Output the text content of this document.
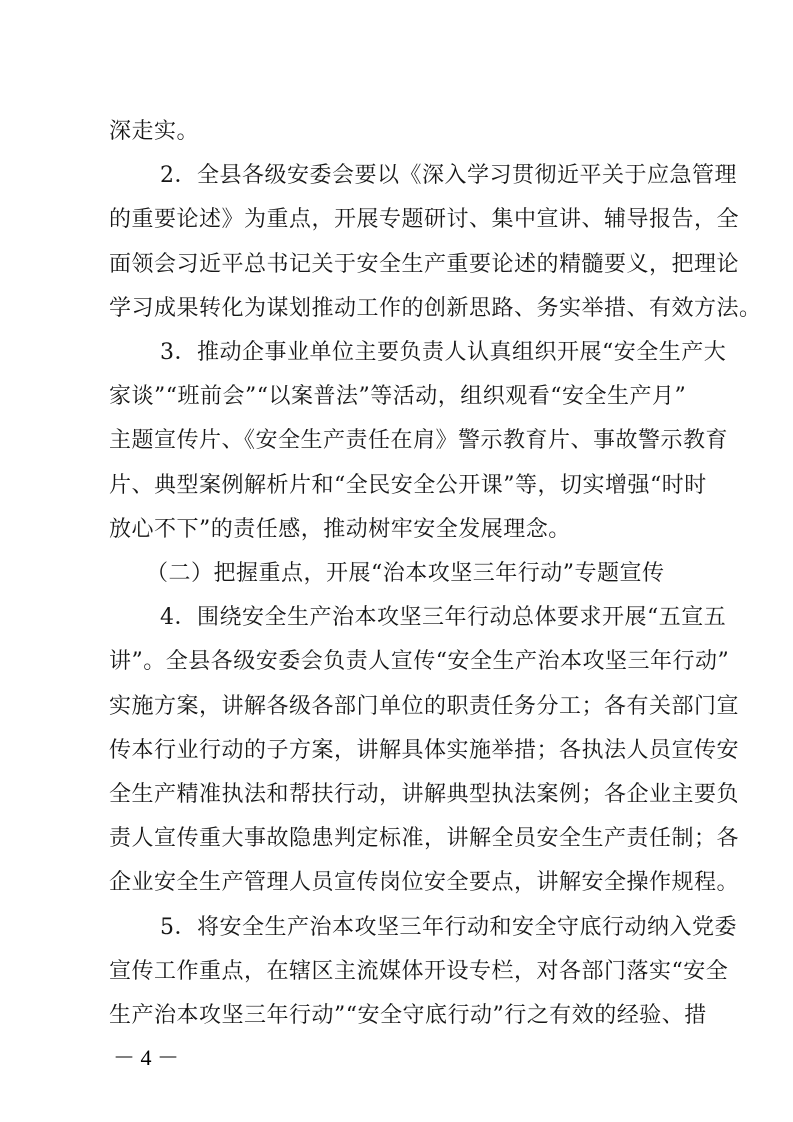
深走实。
2．全县各级安委会要以《深入学习贯彻近平关于应急管理
的重要论述》为重点，开展专题研讨、集中宣讲、辅导报告，全
面领会习近平总书记关于安全生产重要论述的精髓要义，把理论
学习成果转化为谋划推动工作的创新思路、务实举措、有效方法。
3．推动企事业单位主要负责人认真组织开展“安全生产大
家谈”“班前会”“以案普法”等活动，组织观看“安全生产月”
主题宣传片、《安全生产责任在肩》警示教育片、事故警示教育
片、典型案例解析片和“全民安全公开课”等，切实增强“时时
放心不下”的责任感，推动树牢安全发展理念。
（二）把握重点，开展“治本攻坚三年行动”专题宣传
4．围绕安全生产治本攻坚三年行动总体要求开展“五宣五
讲”。全县各级安委会负责人宣传“安全生产治本攻坚三年行动”
实施方案，讲解各级各部门单位的职责任务分工；各有关部门宣
传本行业行动的子方案，讲解具体实施举措；各执法人员宣传安
全生产精准执法和帮扶行动，讲解典型执法案例；各企业主要负
责人宣传重大事故隐患判定标准，讲解全员安全生产责任制；各
企业安全生产管理人员宣传岗位安全要点，讲解安全操作规程。
5．将安全生产治本攻坚三年行动和安全守底行动纳入党委
宣传工作重点，在辖区主流媒体开设专栏，对各部门落实“安全
生产治本攻坚三年行动”“安全守底行动”行之有效的经验、措
－ 4 －
